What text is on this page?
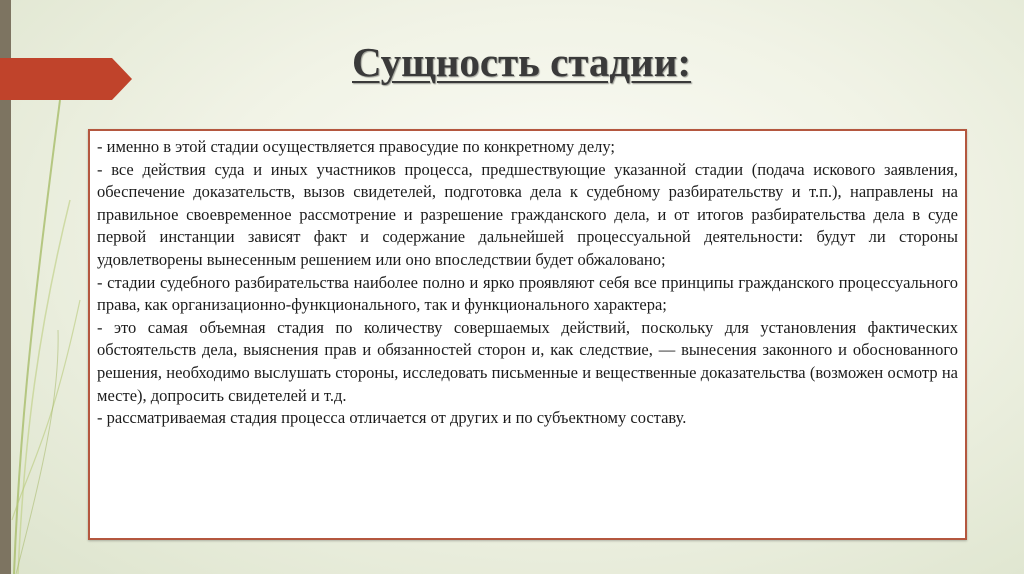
Сущность стадии:

- именно в этой стадии осуществляется правосудие по конкретному делу;

- все действия суда и иных участников процесса, предшествующие указанной стадии (подача искового заявления, обеспечение доказательств, вызов свидетелей, подготовка дела к судебному разбирательству и т.п.), направлены на правильное своевременное рассмотрение и разрешение гражданского дела, и от итогов разбирательства дела в суде первой инстанции зависят факт и содержание дальнейшей процессуальной деятельности: будут ли стороны удовлетворены вынесенным решением или оно впоследствии будет обжаловано;

- стадии судебного разбирательства наиболее полно и ярко проявляют себя все принципы гражданского процессуального права, как организационно-функционального, так и функционального характера;

- это самая объемная стадия по количеству совершаемых действий, поскольку для установления фактических обстоятельств дела, выяснения прав и обязанностей сторон и, как следствие, — вынесения законного и обоснованного решения, необходимо выслушать стороны, исследовать письменные и вещественные доказательства (возможен осмотр на месте), допросить свидетелей и т.д.

- рассматриваемая стадия процесса отличается от других и по субъектному составу.
